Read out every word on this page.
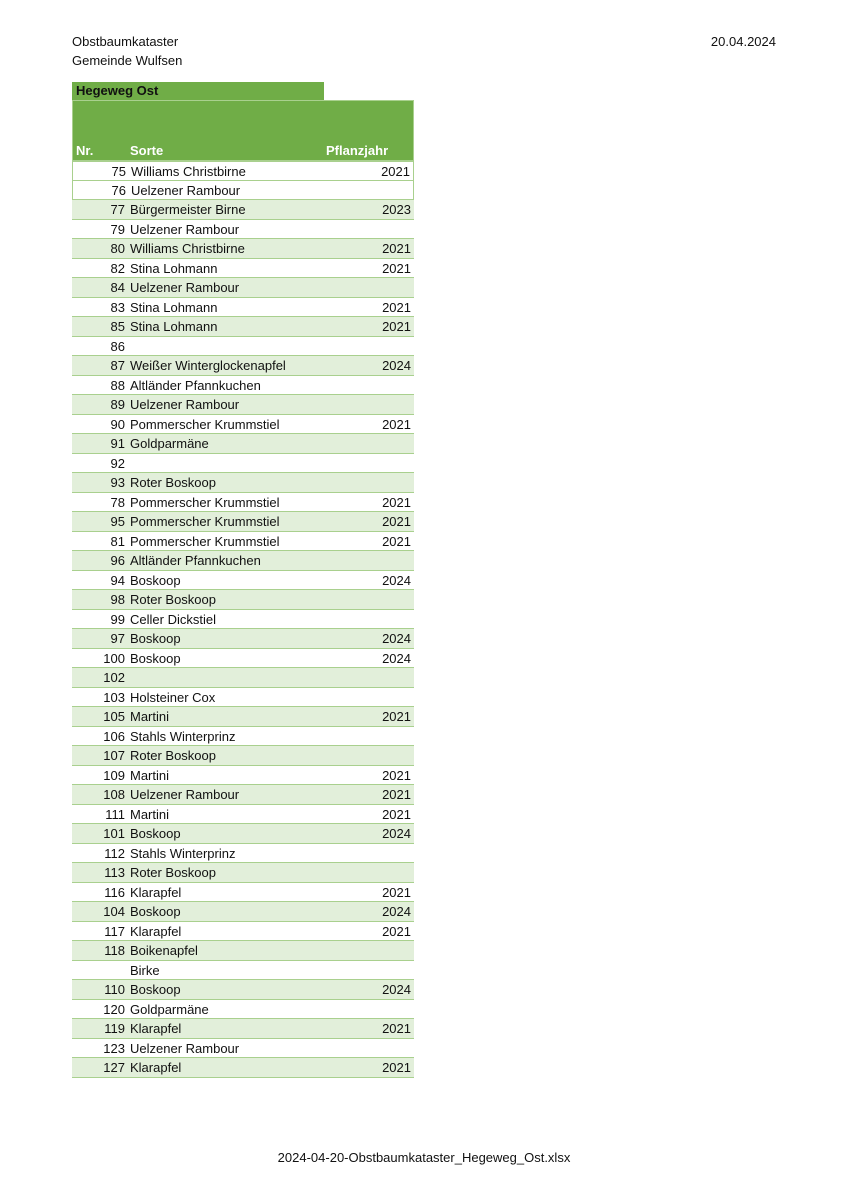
Obstbaumkataster
Gemeinde Wulfsen
20.04.2024
Hegeweg Ost
Nr.	Sorte	Pflanzjahr
75 Williams Christbirne	2021
76 Uelzener Rambour
77 Bürgermeister Birne	2023
79 Uelzener Rambour
80 Williams Christbirne	2021
82 Stina Lohmann	2021
84 Uelzener Rambour
83 Stina Lohmann	2021
85 Stina Lohmann	2021
86
87 Weißer Winterglockenapfel	2024
88 Altländer Pfannkuchen
89 Uelzener Rambour
90 Pommerscher Krummstiel	2021
91 Goldparmäne
92
93 Roter Boskoop
78 Pommerscher Krummstiel	2021
95 Pommerscher Krummstiel	2021
81 Pommerscher Krummstiel	2021
96 Altländer Pfannkuchen
94 Boskoop	2024
98 Roter Boskoop
99 Celler Dickstiel
97 Boskoop	2024
100 Boskoop	2024
102
103 Holsteiner Cox
105 Martini	2021
106 Stahls Winterprinz
107 Roter Boskoop
109 Martini	2021
108 Uelzener Rambour	2021
111 Martini	2021
101 Boskoop	2024
112 Stahls Winterprinz
113 Roter Boskoop
116 Klarapfel	2021
104 Boskoop	2024
117 Klarapfel	2021
118 Boikenapfel
Birke
110 Boskoop	2024
120 Goldparmäne
119 Klarapfel	2021
123 Uelzener Rambour
127 Klarapfel	2021
2024-04-20-Obstbaumkataster_Hegeweg_Ost.xlsx
